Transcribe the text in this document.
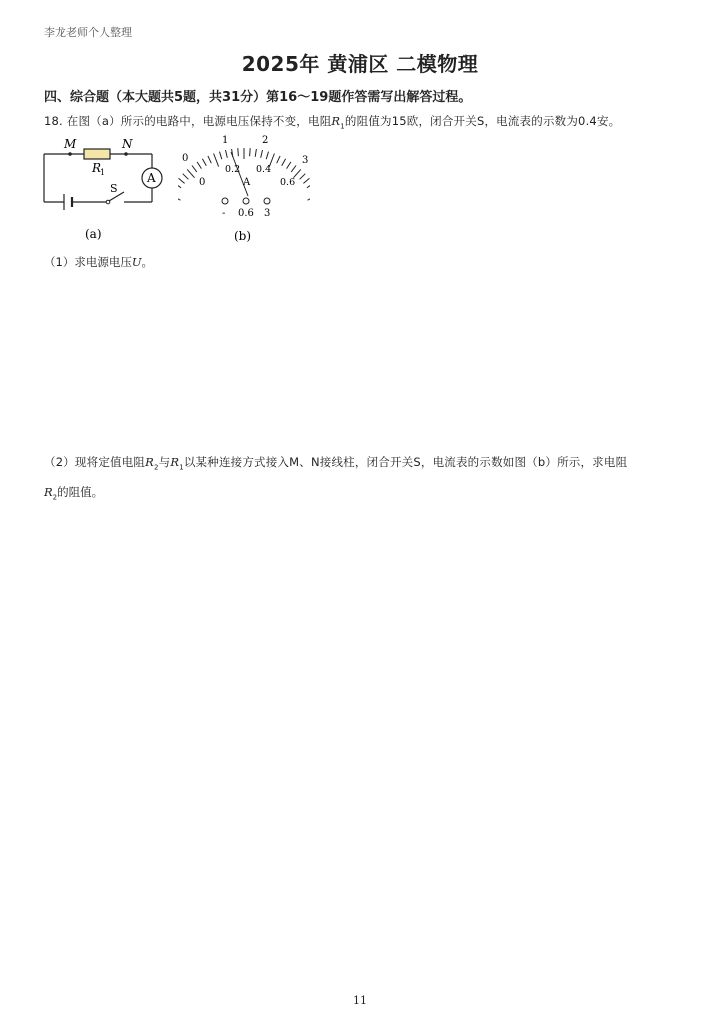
李龙老师个人整理
2025年 黄浦区 二模物理
四、综合题（本大题共5题，共31分）第16～19题作答需写出解答过程。
18. 在图（a）所示的电路中，电源电压保持不变，电阻$R_1$的阻值为15欧，闭合开关S，电流表的示数为0.4安。
M	N
R
1
S
A
(a)
0
1	2
3
0
0.2 0.4
0.6
A
- 0.6 3
(b)
（1）求电源电压U。
（2）现将定值电阻$R_2$与$R_1$以某种连接方式接入M、N接线柱，闭合开关S，电流表的示数如图（b）所示，求电阻
$R_2$的阻值。
11
